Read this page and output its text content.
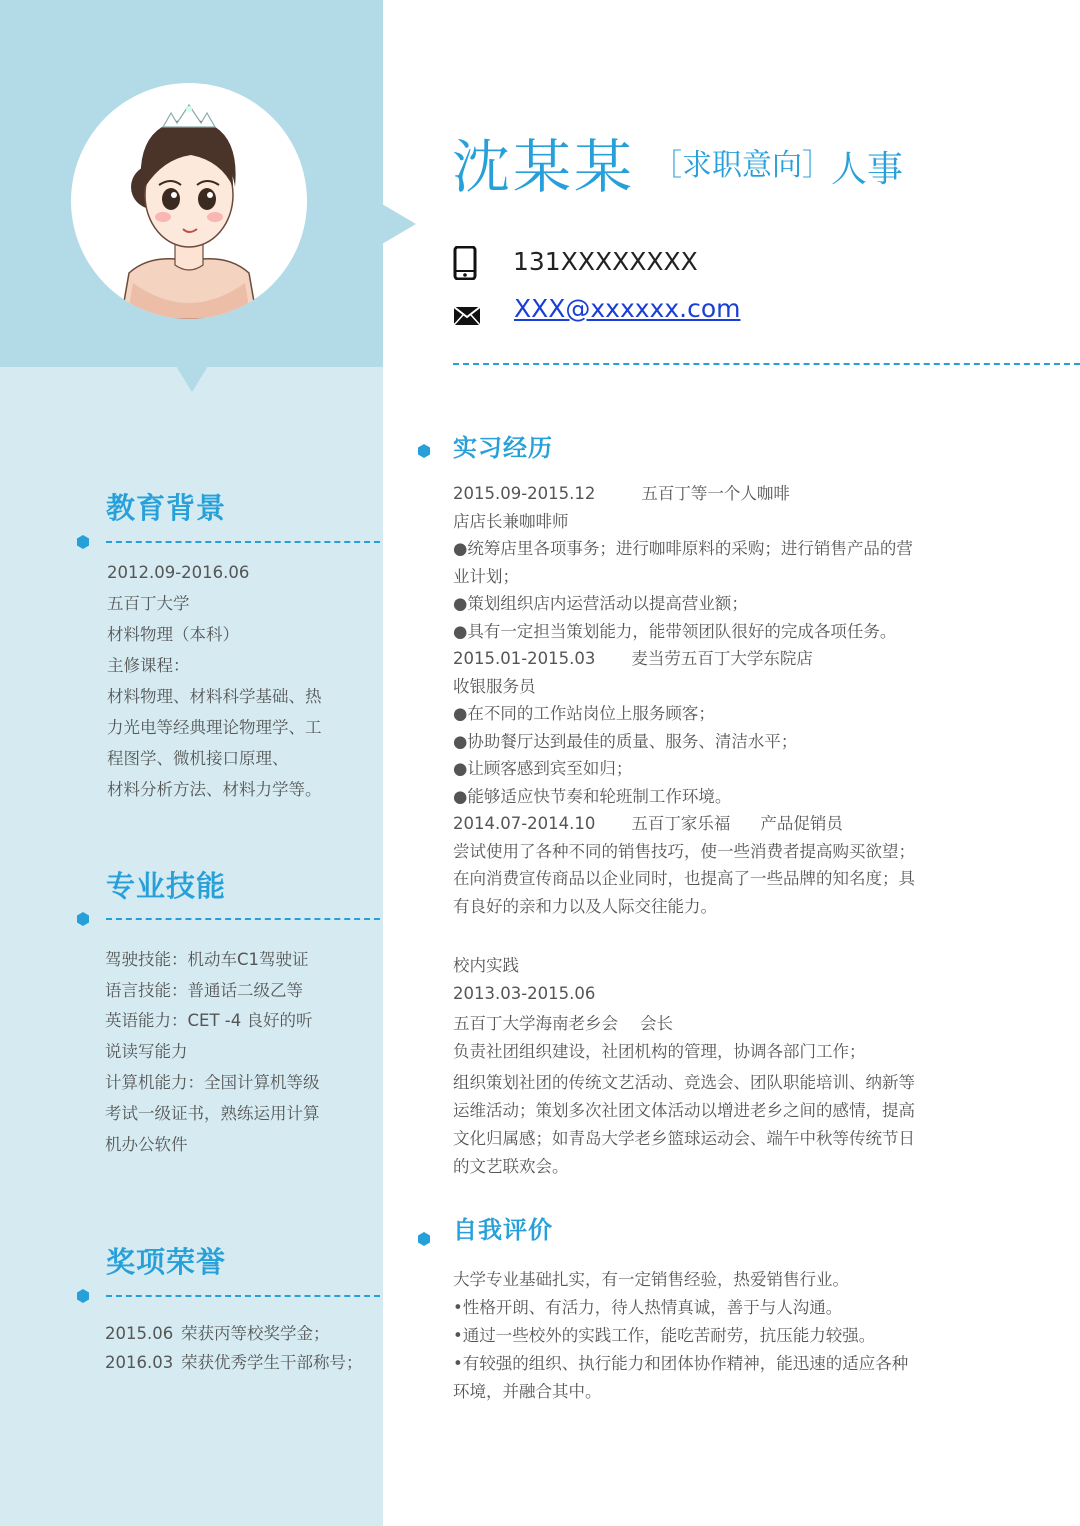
教育背景
2012.09-2016.06
五百丁大学
材料物理（本科）
主修课程：
材料物理、材料科学基础、热
力光电等经典理论物理学、工
程图学、微机接口原理、
材料分析方法、材料力学等。
专业技能
驾驶技能：机动车C1驾驶证
语言技能：普通话二级乙等
英语能力：CET -4 良好的听
说读写能力
计算机能力：全国计算机等级
考试一级证书，熟练运用计算
机办公软件
奖项荣誉
2015.06 荣获丙等校奖学金；
2016.03 荣获优秀学生干部称号；
沈某某 ［求职意向］ 人事
131XXXXXXXX
XXX@xxxxxx.com
实习经历
2015.09-2015.12	五百丁等一个人咖啡
店店长兼咖啡师
●统筹店里各项事务；进行咖啡原料的采购；进行销售产品的营
业计划；
●策划组织店内运营活动以提高营业额；
●具有一定担当策划能力，能带领团队很好的完成各项任务。
2015.01-2015.03 麦当劳五百丁大学东院店
收银服务员
●在不同的工作站岗位上服务顾客；
●协助餐厅达到最佳的质量、服务、清洁水平；
●让顾客感到宾至如归；
●能够适应快节奏和轮班制工作环境。
2014.07-2014.10 五百丁家乐福 产品促销员
尝试使用了各种不同的销售技巧，使一些消费者提高购买欲望；
在向消费宣传商品以企业同时，也提高了一些品牌的知名度；具
有良好的亲和力以及人际交往能力。
校内实践
2013.03-2015.06
五百丁大学海南老乡会 会长
负责社团组织建设，社团机构的管理，协调各部门工作；
组织策划社团的传统文艺活动、竞选会、团队职能培训、纳新等
运维活动；策划多次社团文体活动以增进老乡之间的感情，提高
文化归属感；如青岛大学老乡篮球运动会、端午中秋等传统节日
的文艺联欢会。
自我评价
大学专业基础扎实，有一定销售经验，热爱销售行业。
•性格开朗、有活力，待人热情真诚，善于与人沟通。
•通过一些校外的实践工作，能吃苦耐劳，抗压能力较强。
•有较强的组织、执行能力和团体协作精神，能迅速的适应各种
环境，并融合其中。
